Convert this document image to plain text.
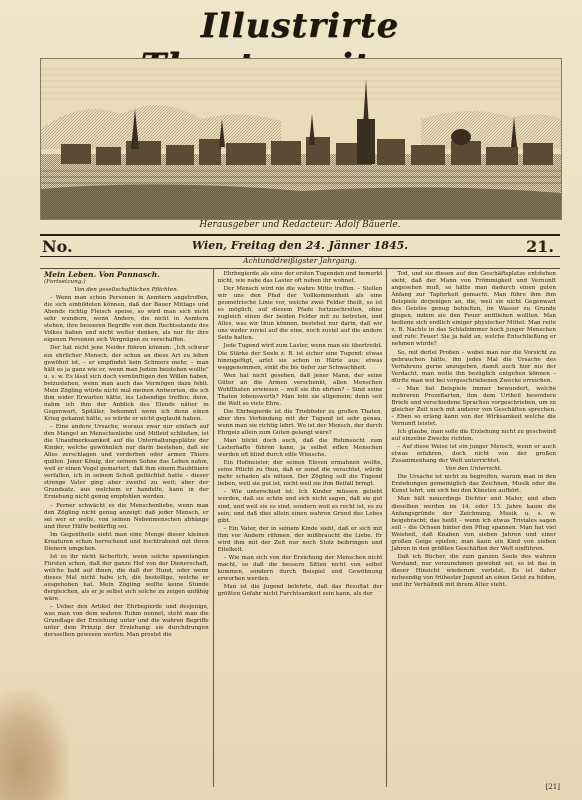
Illustrirte
Herausgeber und Redacteur: Adolf Bäuerle.
No.	Wien, Freitag den 24. Jänner 1845.	21.
Achtunddreißigster Jahrgang.
Mein Leben. Von Pannasch.
(Fortsetzung.)
Von den gesellschaftlichen Pflichten.

– Wenn man schon Personen in Aemtern angetroffen, die sich einbildeten können, daß der Bauer Mittags und Abends richtig Fleisch speise, so wird man sich nicht sehr wundern, wenn Andere, die nicht in Aemtern stehen, ihre besseren Begriffe von dem Rechtsstande des Volkes haben und nicht weiter denken, als nur für ihre eigenen Personen sich Vergnügen zu verschaffen.

Der hat nicht jene Neider führen können: „Ich schwur ein ehrlicher Mensch, der schon an diese Art zu leben gewöhnt ist, – er empfindet kein Schmerz mehr, – man hält es ja ganz wie er, wenn man Jedem beistehen wollte" u. s. w. Es lässt sich doch vernünftigen den Willen haben, beizustehen, wenn man auch das Vermögen dazu fehlt. Mein Zögling würde nicht mal meinen Antworten, die ich ihm wider Erwarten hätte, ins Lebendige treffen; denn, nahm ich ihm der Anblick des Elends näher in Gegenwart, Spitäler, bekommt wenn ich denn einen Krieg gekannt hätte, so würde er nicht geglaubt haben.

– Eine andere Ursache, woraus zwar nur einfach auf den Mangel an Menschenliebe und Mitleid schließen, ist die Unaufmerksamkeit auf die Unterhaltungsplätze der Kinder, welche gewöhnlich nur darin bestehen, daß sie Alles zerschlagen und verderben oder armen Thiere quälen. Jener König, der seinem Sohne das Leben nahm, weil er einen Vogel gemartert, daß ihm einem Raubthiere verfallen, ich in seinem Schoß geflüchtet hatte – dieser strenge Vater ging aber zweifel zu weit; aber der Grundsatz, aus welchem er handelte, kann in der Erziehung nicht genug empfohlen werden.

– Ferner schwächt es die Menschenliebe, wenn man den Zögling nicht genug anzeigt: daß jeder Mensch, er sei wer er wolle, von seinen Nebenmenschen abhänge und ihrer Hülfe bedürftig sei.

Im Gegentheile sieht man eine Menge dieser kleinen Kreaturen schon herrschend und hochtrabend mit ihren Dienern umgehen.

Ist es ihr nicht lächerlich, wenn solche spannlangen Fürsten schon, daß der ganze Hof von der Dienerschaft, welche bald auf ihnen, die daß der Hund, oder wenn dieses Mal nicht habe ich, die bestellige, welche er ausgehoben hat. Mein Zögling wollte keine Stunde dergleichen, als er je selbst sich solche zu zeigen unfähig wäre.

– Ueber den Artikel der Ehrbegierde und desjenige, was man von dem wahren Ruhm nennet, steht man die Grundlage der Erziehung unter und die wahren Begriffe unter dem Prinzip der Erziehung; sie durchdrungen dersselben gewesen werfen. Man prostet die

Ehrbegierde als eine der ersten Tugenden und bemerkt nicht, wie nahe das Laster oft neben ihr wohnet.

Der Mensch wird nie die wahre Mitte treffen. – Stellen wir uns den Pfad der Vollkommenheit als eine geometrische Linie vor, welche zwei Felder theilt, so ist es möglich, auf diesem Pfade fortzuschreiten, ohne zugleich einen der beiden Felder mit zu betreten, und Alles, was wir thun können, bestehet nur darin, daß wir uns weder zuviel auf die eine, noch zuviel auf die andere Seite halten.

Jede Tugend wird zum Laster, wenn man sie übertreibt. Die Stärke der Seele z. B. ist sicher eine Tugend; etwas hinzugefügt, artet sie schon in Härte aus; etwas weggenommen, sinkt die bis tiefer zur Schwachheit.

Wen hat nicht gesehen, daß jener Mann, der seine Güter an die Armen verschenkt, allen Menschen Wohlthaten erwiesen – weil sie ihn ehrten? – Sind seine Thaten lobenswerth? Man lobt sie allgemein; denn seit die Welt so viele Ehre.

Die Ehrbegierde ist die Triebfeder zu großen Thaten, aber ihre Verbindung mit der Tugend ist sehr genau, wenn man sie richtig lehrt. Wo ist der Mensch, der durch Ehrgeiz allein zum Guten gelangt wäre?

Man blickt doch auch, daß die Ruhmsucht zum Lasterhafte führen kann, ja selbst edlen Menschen werden oft blind durch eitle Wünsche.

Ein Hofmeister, der seinen Eleven ermahnen wollte, seine Pflicht zu thun, daß er sonst die verachtet, würde mehr schaden als nützen. Der Zögling soll die Tugend lieben, weil sie gut ist, nicht weil sie ihm Beifall bringt.

– Wie unterschied ist: Ich Kinder müssen geliebt werden, daß sie schön und sich nicht sagen, daß sie gut sind, und weil sie es sind, sondern weil es recht ist, es zu sein; und daß dies allein einen wahren Grund des Lobes gibt.

– Ein Vater, der in seinem Kinde sieht, daß er sich mit ihm vor Andern rühmen, der mißbraucht die Liebe. Er wird ihm mit der Zeit nur noch Stolz beibringen und Eitelkeit.

– Wie man sich von der Erziehung der Menschen nicht macht, so daß die bessern Sitten nicht von selbst kommen, sondern durch Beispiel und Gewöhnung erworben werden.

Man ist die Jugend belehrte, daß das Resultat der größten Gefahr nicht Furchtsamkeit sein kann, als der

Tod, und sie diesen auf den Geschäftsplatze entstehen sieht, daß der Mann von Frömmigkeit und Vernunft angesehen muß, so hätte man dadurch einen guten Anfang zur Tapferkeit gemacht. Man führe ihm ihm Beispiele derjenigen an, die, weil sie nicht Gegenwart des Geistes genug behielten, im Wasser zu Grunde gingen, indem sie den Feuer entfliehen wollten. Man bediene sich endlich einiger physischer Mittel: Man reite z. B. Nachts in das Schlafzimmer hoch junger Menschen und rufe: Feuer! Sie ja bald an, welche Entschließung er nehmen würde?

So, mit derlei Proben – wobei man nur die Vorsicht zu gebrauchen hätte, ihn jedes Mal die Ursache des Verfahrens gerne anzugeben, damit auch hier nie der Verdacht, man wolle ihn bezüglich entgehen können – dürfte man wol bei vorgeschriebenen Zwecke erreichen.

– Man hat Beispiele immer bewundert, welche mehreren Prozeßarten, ihm dem Urtheil besondere Briefe und verschiedene Sprachen vorgeschrieben, um zu gleicher Zeit noch mit anderer von Geschäften sprechen. – Eben so erlang kann von der Wirksamkeit welche die Vernunft leistet.

Ich glaube, man solle die Erziehung nicht zu geschwind auf einzelne Zwecke richten.

– Auf diese Weise ist ein junger Mensch, wenn er auch etwas erfahren, doch nicht von der großen Zusammenhang der Welt unterrichtet.

Von den Unterricht.

Die Ursache ist nicht zu begreifen, warum man in den Erziehungen gemeiniglich das Zeichnen, Musik oder die Kunst lehrt, um sich bei den Künsten aufhört.

Man hält neuerdings Dichter und Maler, und eben dieselben werden im 14. oder 15. Jahre kaum die Anfangsgründe der Zeichnung, Musik u. s. w. beigebracht; das heißt – wenn ich etwas Triviales sagen soll – die Ochsen hinter den Pflug spannen. Man hat viel Weisheit, daß Knaben von sieben Jahren und einer großen Geige spielen; man kann ein Kind von sieben Jahren in den größten Geschäften der Welt einführen.

Daß ich Bücher, die zum ganzen Seele des wahren Verstand, nur vorzunehmen gewohnt sei, so ist das in dieser Hinsicht wiederum verletzt. Es ist daher notwendig von frühester Jugend an einen Geist zu bilden, und ihr Verhältniß mit ihrem Alter steht.

[21]
